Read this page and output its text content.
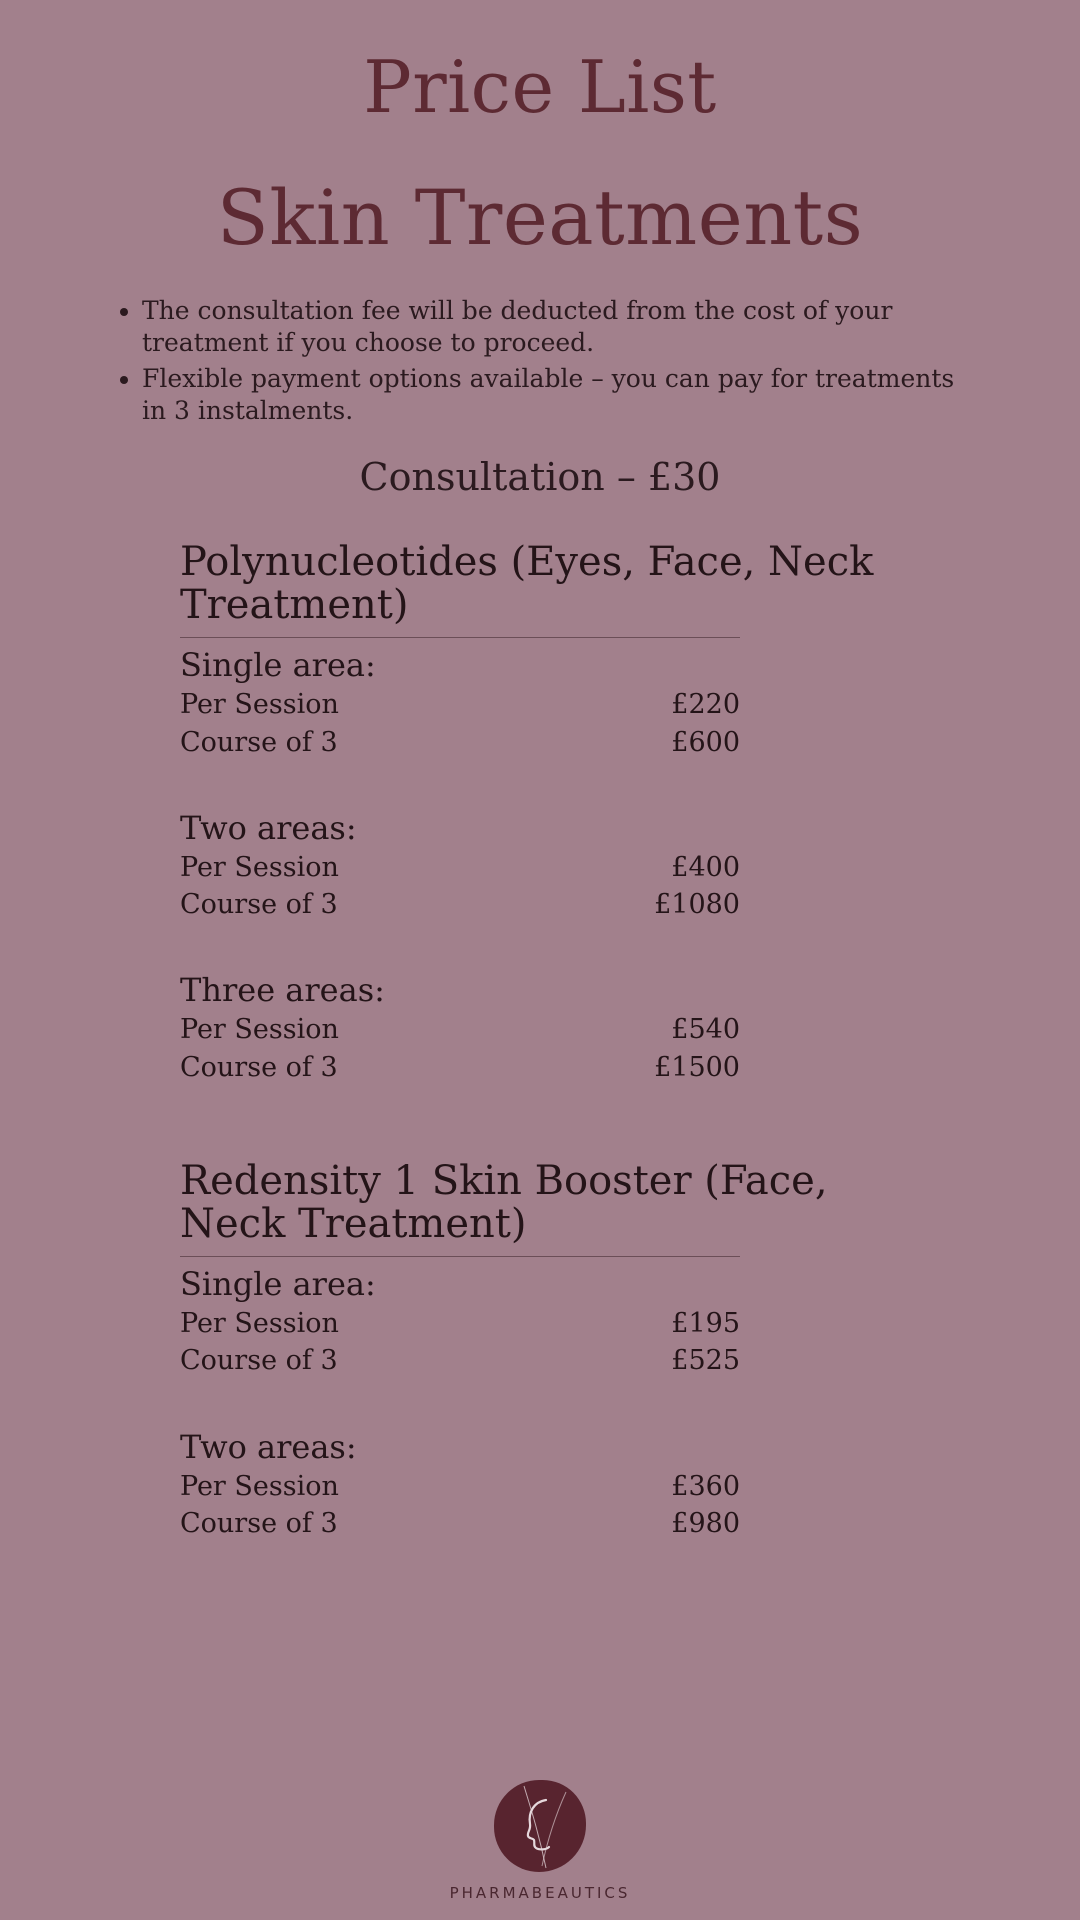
Price List
Skin Treatments
• The consultation fee will be deducted from the cost of your treatment if you choose to proceed.
• Flexible payment options available – you can pay for treatments in 3 instalments.
Consultation – £30
Polynucleotides (Eyes, Face, Neck Treatment)
Single area:
Per Session	£220
Course of 3	£600
Two areas:
Per Session	£400
Course of 3	£1080
Three areas:
Per Session	£540
Course of 3	£1500
Redensity 1 Skin Booster (Face, Neck Treatment)
Single area:
Per Session	£195
Course of 3	£525
Two areas:
Per Session	£360
Course of 3	£980
PHARMABEAUTICS
